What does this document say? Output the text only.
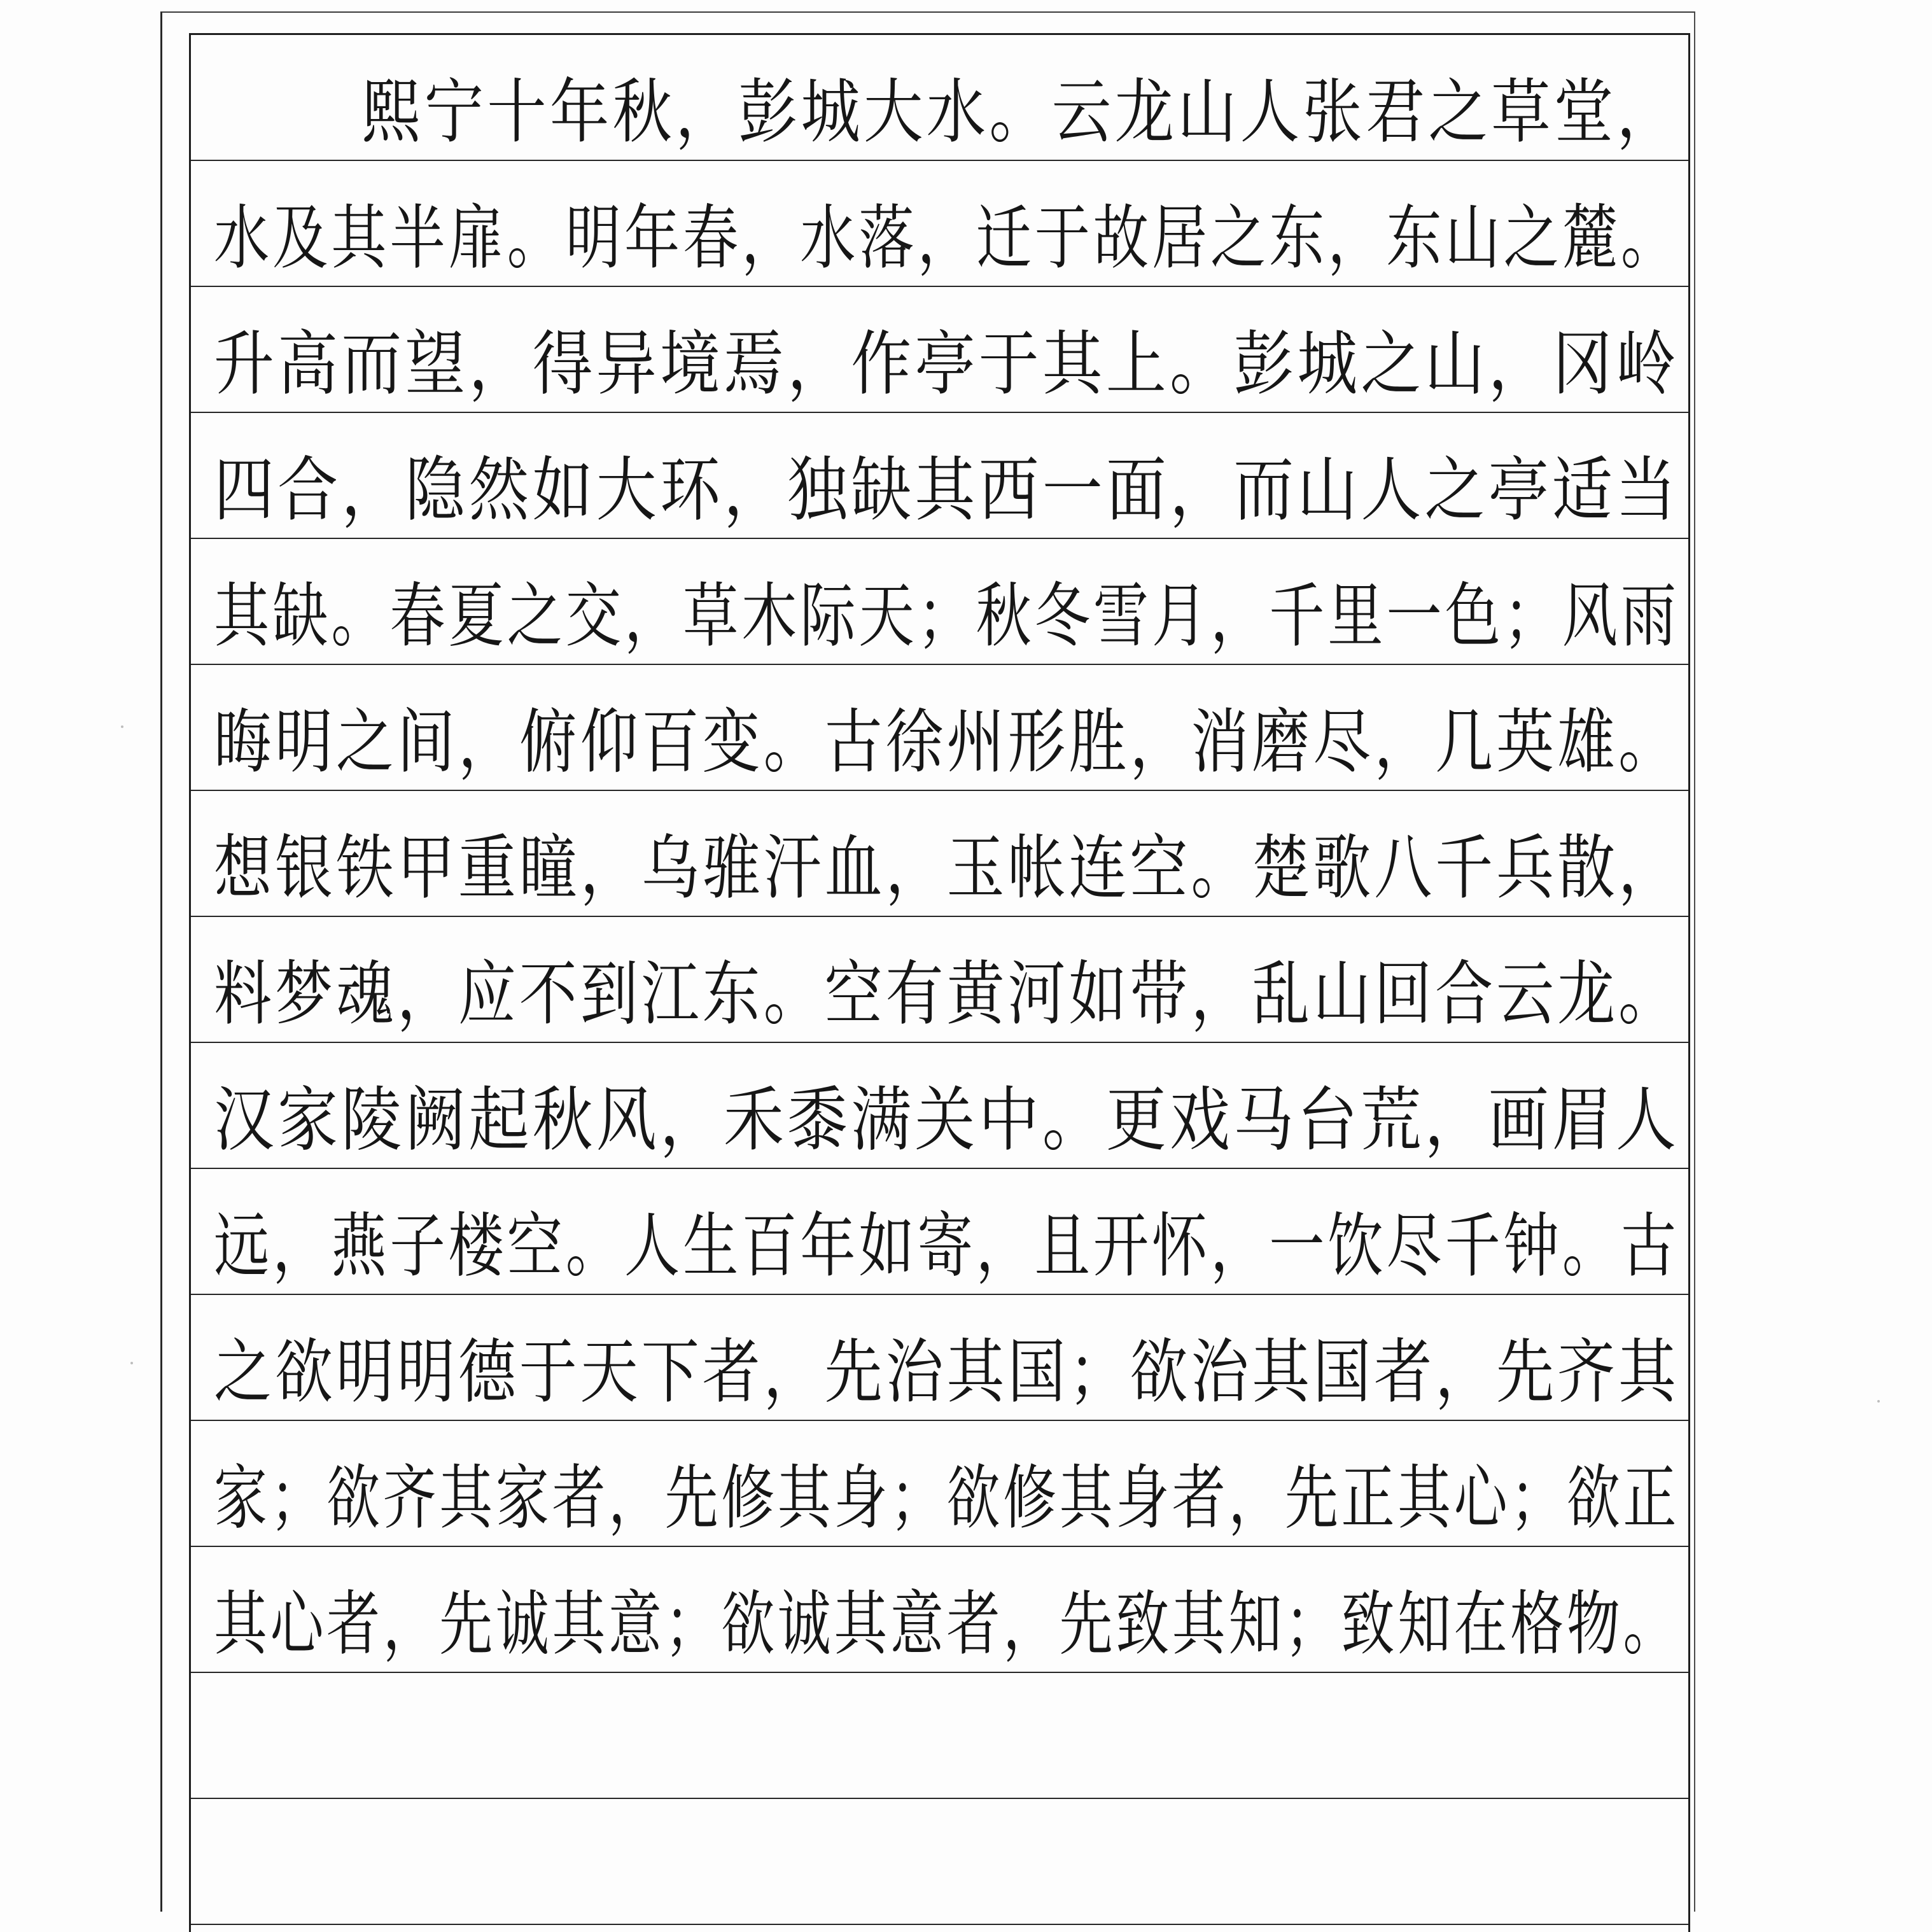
熙宁十年秋，彭城大水。云龙山人张君之草堂，
水及其半扉。明年春，水落，迁于故居之东，东山之麓。
升高而望，得异境焉，作亭于其上。彭城之山，冈岭
四合，隐然如大环，独缺其西一面，而山人之亭适当
其缺。春夏之交，草木际天；秋冬雪月，千里一色；风雨
晦明之间，俯仰百变。古徐州形胜，消磨尽，几英雄。
想银铁甲重瞳，乌骓汗血，玉帐连空。楚歌八千兵散，
料梦魂，应不到江东。空有黄河如带，乱山回合云龙。
汉家陵阙起秋风，禾黍满关中。更戏马台荒，画眉人
远，燕子楼空。人生百年如寄，且开怀，一饮尽千钟。古
之欲明明德于天下者，先治其国；欲治其国者，先齐其
家；欲齐其家者，先修其身；欲修其身者，先正其心；欲正
其心者，先诚其意；欲诚其意者，先致其知；致知在格物。
